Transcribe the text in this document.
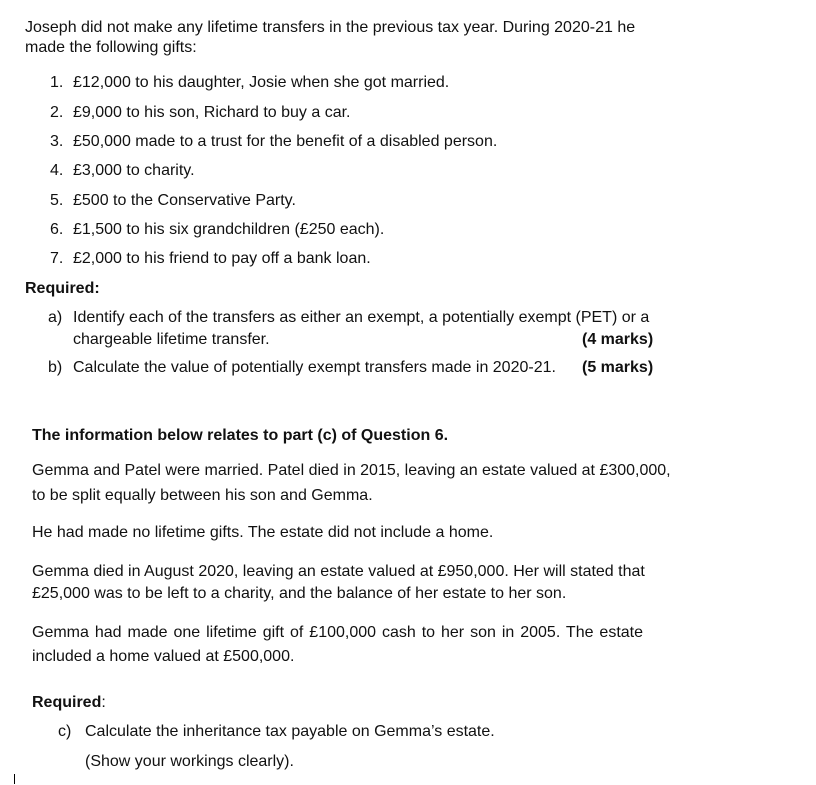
Joseph did not make any lifetime transfers in the previous tax year. During 2020-21 he
made the following gifts:
1. £12,000 to his daughter, Josie when she got married.
2. £9,000 to his son, Richard to buy a car.
3. £50,000 made to a trust for the benefit of a disabled person.
4. £3,000 to charity.
5. £500 to the Conservative Party.
6. £1,500 to his six grandchildren (£250 each).
7. £2,000 to his friend to pay off a bank loan.
Required:
a) Identify each of the transfers as either an exempt, a potentially exempt (PET) or a
chargeable lifetime transfer.	(4 marks)
b) Calculate the value of potentially exempt transfers made in 2020-21. (5 marks)
The information below relates to part (c) of Question 6.
Gemma and Patel were married. Patel died in 2015, leaving an estate valued at £300,000,
to be split equally between his son and Gemma.
He had made no lifetime gifts. The estate did not include a home.
Gemma died in August 2020, leaving an estate valued at £950,000. Her will stated that
£25,000 was to be left to a charity, and the balance of her estate to her son.
Gemma had made one lifetime gift of £100,000 cash to her son in 2005. The estate
included a home valued at £500,000.
Required:
c) Calculate the inheritance tax payable on Gemma’s estate.
(Show your workings clearly).
